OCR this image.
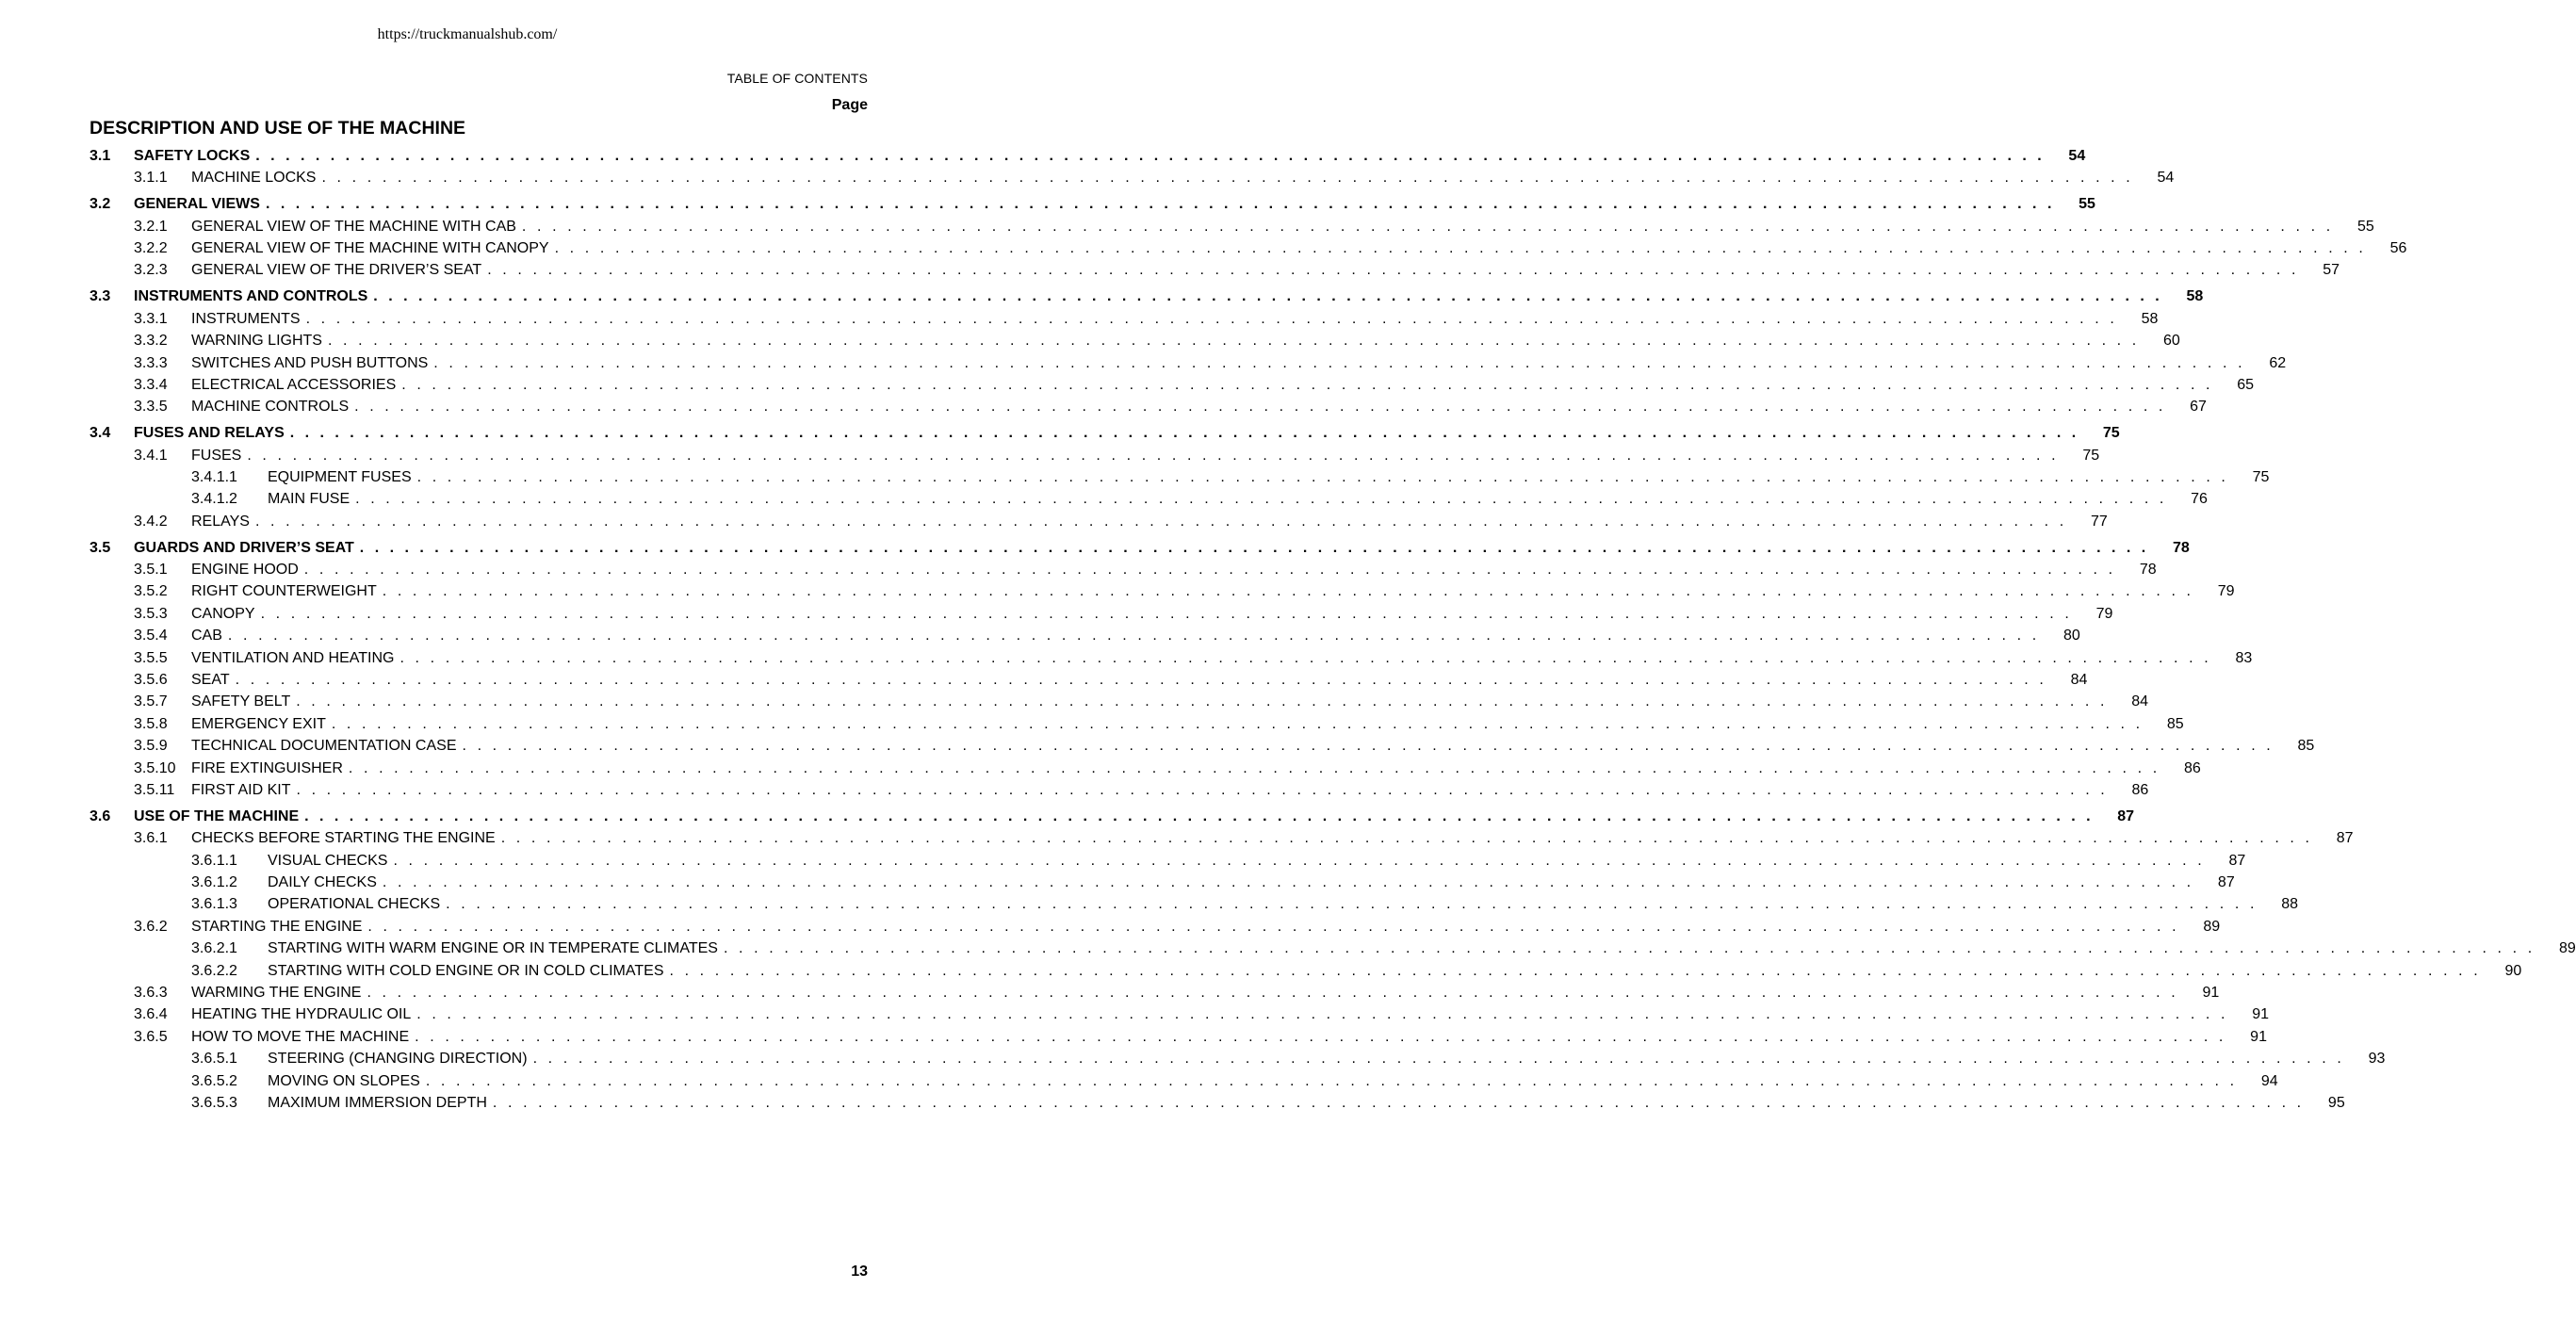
https://truckmanualshub.com/
TABLE OF CONTENTS
Page
DESCRIPTION AND USE OF THE MACHINE
3.1	SAFETY LOCKS . . . . . . . . . . . . . . . . . . . . . . . . . . . . . . . . . . . . . . . . . . . . . . . . . . . . . . . . . . . . . . . . . . . . . . . . . . . . . . . . . . . . . . . . . . . . . . . . . . . . . . . . . . . . . . . . . . . . . . . . 54
3.1.1	MACHINE LOCKS . . . . . . . . . . . . . . . . . . . . . . . . . . . . . . . . . . . . . . . . . . . . . . . . . . . . . . . . . . . . . . . . . . . . . . . . . . . . . . . . . . . . . . . . . . . . . . . . . . . . . . . . . . . . . . . . . . . . . . . . 54
3.2	GENERAL VIEWS . . . . . . . . . . . . . . . . . . . . . . . . . . . . . . . . . . . . . . . . . . . . . . . . . . . . . . . . . . . . . . . . . . . . . . . . . . . . . . . . . . . . . . . . . . . . . . . . . . . . . . . . . . . . . . . . . . . . . . . . 55
3.2.1	GENERAL VIEW OF THE MACHINE WITH CAB . . . . . . . . . . . . . . . . . . . . . . . . . . . . . . . . . . . . . . . . . . . . . . . . . . . . . . . . . . . . . . . . . . . . . . . . . . . . . . . . . . . . . . . . . . . . . . . . . . . . . . . . . . . . . . . . . . . . . . . . 55
3.2.2	GENERAL VIEW OF THE MACHINE WITH CANOPY . . . . . . . . . . . . . . . . . . . . . . . . . . . . . . . . . . . . . . . . . . . . . . . . . . . . . . . . . . . . . . . . . . . . . . . . . . . . . . . . . . . . . . . . . . . . . . . . . . . . . . . . . . . . . . . . . . . . . . . . 56
3.2.3	GENERAL VIEW OF THE DRIVER’S SEAT . . . . . . . . . . . . . . . . . . . . . . . . . . . . . . . . . . . . . . . . . . . . . . . . . . . . . . . . . . . . . . . . . . . . . . . . . . . . . . . . . . . . . . . . . . . . . . . . . . . . . . . . . . . . . . . . . . . . . . . . 57
3.3	INSTRUMENTS AND CONTROLS . . . . . . . . . . . . . . . . . . . . . . . . . . . . . . . . . . . . . . . . . . . . . . . . . . . . . . . . . . . . . . . . . . . . . . . . . . . . . . . . . . . . . . . . . . . . . . . . . . . . . . . . . . . . . . . . . . . . . . . . 58
3.3.1	INSTRUMENTS . . . . . . . . . . . . . . . . . . . . . . . . . . . . . . . . . . . . . . . . . . . . . . . . . . . . . . . . . . . . . . . . . . . . . . . . . . . . . . . . . . . . . . . . . . . . . . . . . . . . . . . . . . . . . . . . . . . . . . . . 58
3.3.2	WARNING LIGHTS . . . . . . . . . . . . . . . . . . . . . . . . . . . . . . . . . . . . . . . . . . . . . . . . . . . . . . . . . . . . . . . . . . . . . . . . . . . . . . . . . . . . . . . . . . . . . . . . . . . . . . . . . . . . . . . . . . . . . . . . 60
3.3.3	SWITCHES AND PUSH BUTTONS . . . . . . . . . . . . . . . . . . . . . . . . . . . . . . . . . . . . . . . . . . . . . . . . . . . . . . . . . . . . . . . . . . . . . . . . . . . . . . . . . . . . . . . . . . . . . . . . . . . . . . . . . . . . . . . . . . . . . . . . 62
3.3.4	ELECTRICAL ACCESSORIES . . . . . . . . . . . . . . . . . . . . . . . . . . . . . . . . . . . . . . . . . . . . . . . . . . . . . . . . . . . . . . . . . . . . . . . . . . . . . . . . . . . . . . . . . . . . . . . . . . . . . . . . . . . . . . . . . . . . . . . . 65
3.3.5	MACHINE CONTROLS . . . . . . . . . . . . . . . . . . . . . . . . . . . . . . . . . . . . . . . . . . . . . . . . . . . . . . . . . . . . . . . . . . . . . . . . . . . . . . . . . . . . . . . . . . . . . . . . . . . . . . . . . . . . . . . . . . . . . . . . 67
3.4	FUSES AND RELAYS . . . . . . . . . . . . . . . . . . . . . . . . . . . . . . . . . . . . . . . . . . . . . . . . . . . . . . . . . . . . . . . . . . . . . . . . . . . . . . . . . . . . . . . . . . . . . . . . . . . . . . . . . . . . . . . . . . . . . . . . 75
3.4.1	FUSES . . . . . . . . . . . . . . . . . . . . . . . . . . . . . . . . . . . . . . . . . . . . . . . . . . . . . . . . . . . . . . . . . . . . . . . . . . . . . . . . . . . . . . . . . . . . . . . . . . . . . . . . . . . . . . . . . . . . . . . . 75
3.4.1.1	EQUIPMENT FUSES . . . . . . . . . . . . . . . . . . . . . . . . . . . . . . . . . . . . . . . . . . . . . . . . . . . . . . . . . . . . . . . . . . . . . . . . . . . . . . . . . . . . . . . . . . . . . . . . . . . . . . . . . . . . . . . . . . . . . . . . 75
3.4.1.2	MAIN FUSE . . . . . . . . . . . . . . . . . . . . . . . . . . . . . . . . . . . . . . . . . . . . . . . . . . . . . . . . . . . . . . . . . . . . . . . . . . . . . . . . . . . . . . . . . . . . . . . . . . . . . . . . . . . . . . . . . . . . . . . . 76
3.4.2	RELAYS . . . . . . . . . . . . . . . . . . . . . . . . . . . . . . . . . . . . . . . . . . . . . . . . . . . . . . . . . . . . . . . . . . . . . . . . . . . . . . . . . . . . . . . . . . . . . . . . . . . . . . . . . . . . . . . . . . . . . . . . 77
3.5	GUARDS AND DRIVER’S SEAT . . . . . . . . . . . . . . . . . . . . . . . . . . . . . . . . . . . . . . . . . . . . . . . . . . . . . . . . . . . . . . . . . . . . . . . . . . . . . . . . . . . . . . . . . . . . . . . . . . . . . . . . . . . . . . . . . . . . . . . . 78
3.5.1	ENGINE HOOD . . . . . . . . . . . . . . . . . . . . . . . . . . . . . . . . . . . . . . . . . . . . . . . . . . . . . . . . . . . . . . . . . . . . . . . . . . . . . . . . . . . . . . . . . . . . . . . . . . . . . . . . . . . . . . . . . . . . . . . . 78
3.5.2	RIGHT COUNTERWEIGHT . . . . . . . . . . . . . . . . . . . . . . . . . . . . . . . . . . . . . . . . . . . . . . . . . . . . . . . . . . . . . . . . . . . . . . . . . . . . . . . . . . . . . . . . . . . . . . . . . . . . . . . . . . . . . . . . . . . . . . . . 79
3.5.3	CANOPY . . . . . . . . . . . . . . . . . . . . . . . . . . . . . . . . . . . . . . . . . . . . . . . . . . . . . . . . . . . . . . . . . . . . . . . . . . . . . . . . . . . . . . . . . . . . . . . . . . . . . . . . . . . . . . . . . . . . . . . . 79
3.5.4	CAB . . . . . . . . . . . . . . . . . . . . . . . . . . . . . . . . . . . . . . . . . . . . . . . . . . . . . . . . . . . . . . . . . . . . . . . . . . . . . . . . . . . . . . . . . . . . . . . . . . . . . . . . . . . . . . . . . . . . . . . . 80
3.5.5	VENTILATION AND HEATING . . . . . . . . . . . . . . . . . . . . . . . . . . . . . . . . . . . . . . . . . . . . . . . . . . . . . . . . . . . . . . . . . . . . . . . . . . . . . . . . . . . . . . . . . . . . . . . . . . . . . . . . . . . . . . . . . . . . . . . . 83
3.5.6	SEAT . . . . . . . . . . . . . . . . . . . . . . . . . . . . . . . . . . . . . . . . . . . . . . . . . . . . . . . . . . . . . . . . . . . . . . . . . . . . . . . . . . . . . . . . . . . . . . . . . . . . . . . . . . . . . . . . . . . . . . . . 84
3.5.7	SAFETY BELT . . . . . . . . . . . . . . . . . . . . . . . . . . . . . . . . . . . . . . . . . . . . . . . . . . . . . . . . . . . . . . . . . . . . . . . . . . . . . . . . . . . . . . . . . . . . . . . . . . . . . . . . . . . . . . . . . . . . . . . . 84
3.5.8	EMERGENCY EXIT . . . . . . . . . . . . . . . . . . . . . . . . . . . . . . . . . . . . . . . . . . . . . . . . . . . . . . . . . . . . . . . . . . . . . . . . . . . . . . . . . . . . . . . . . . . . . . . . . . . . . . . . . . . . . . . . . . . . . . . . 85
3.5.9	TECHNICAL DOCUMENTATION CASE . . . . . . . . . . . . . . . . . . . . . . . . . . . . . . . . . . . . . . . . . . . . . . . . . . . . . . . . . . . . . . . . . . . . . . . . . . . . . . . . . . . . . . . . . . . . . . . . . . . . . . . . . . . . . . . . . . . . . . . . 85
3.5.10	FIRE EXTINGUISHER . . . . . . . . . . . . . . . . . . . . . . . . . . . . . . . . . . . . . . . . . . . . . . . . . . . . . . . . . . . . . . . . . . . . . . . . . . . . . . . . . . . . . . . . . . . . . . . . . . . . . . . . . . . . . . . . . . . . . . . . 86
3.5.11	FIRST AID KIT . . . . . . . . . . . . . . . . . . . . . . . . . . . . . . . . . . . . . . . . . . . . . . . . . . . . . . . . . . . . . . . . . . . . . . . . . . . . . . . . . . . . . . . . . . . . . . . . . . . . . . . . . . . . . . . . . . . . . . . . 86
3.6	USE OF THE MACHINE . . . . . . . . . . . . . . . . . . . . . . . . . . . . . . . . . . . . . . . . . . . . . . . . . . . . . . . . . . . . . . . . . . . . . . . . . . . . . . . . . . . . . . . . . . . . . . . . . . . . . . . . . . . . . . . . . . . . . . . . 87
3.6.1	CHECKS BEFORE STARTING THE ENGINE . . . . . . . . . . . . . . . . . . . . . . . . . . . . . . . . . . . . . . . . . . . . . . . . . . . . . . . . . . . . . . . . . . . . . . . . . . . . . . . . . . . . . . . . . . . . . . . . . . . . . . . . . . . . . . . . . . . . . . . . 87
3.6.1.1	VISUAL CHECKS . . . . . . . . . . . . . . . . . . . . . . . . . . . . . . . . . . . . . . . . . . . . . . . . . . . . . . . . . . . . . . . . . . . . . . . . . . . . . . . . . . . . . . . . . . . . . . . . . . . . . . . . . . . . . . . . . . . . . . . . 87
3.6.1.2	DAILY CHECKS . . . . . . . . . . . . . . . . . . . . . . . . . . . . . . . . . . . . . . . . . . . . . . . . . . . . . . . . . . . . . . . . . . . . . . . . . . . . . . . . . . . . . . . . . . . . . . . . . . . . . . . . . . . . . . . . . . . . . . . . 87
3.6.1.3	OPERATIONAL CHECKS . . . . . . . . . . . . . . . . . . . . . . . . . . . . . . . . . . . . . . . . . . . . . . . . . . . . . . . . . . . . . . . . . . . . . . . . . . . . . . . . . . . . . . . . . . . . . . . . . . . . . . . . . . . . . . . . . . . . . . . . 88
3.6.2	STARTING THE ENGINE . . . . . . . . . . . . . . . . . . . . . . . . . . . . . . . . . . . . . . . . . . . . . . . . . . . . . . . . . . . . . . . . . . . . . . . . . . . . . . . . . . . . . . . . . . . . . . . . . . . . . . . . . . . . . . . . . . . . . . . . 89
3.6.2.1	STARTING WITH WARM ENGINE OR IN TEMPERATE CLIMATES . . . . . . . . . . . . . . . . . . . . . . . . . . . . . . . . . . . . . . . . . . . . . . . . . . . . . . . . . . . . . . . . . . . . . . . . . . . . . . . . . . . . . . . . . . . . . . . . . . . . . . . . . . . . . . . . . . . . . . . . 89
3.6.2.2	STARTING WITH COLD ENGINE OR IN COLD CLIMATES . . . . . . . . . . . . . . . . . . . . . . . . . . . . . . . . . . . . . . . . . . . . . . . . . . . . . . . . . . . . . . . . . . . . . . . . . . . . . . . . . . . . . . . . . . . . . . . . . . . . . . . . . . . . . . . . . . . . . . . . 90
3.6.3	WARMING THE ENGINE . . . . . . . . . . . . . . . . . . . . . . . . . . . . . . . . . . . . . . . . . . . . . . . . . . . . . . . . . . . . . . . . . . . . . . . . . . . . . . . . . . . . . . . . . . . . . . . . . . . . . . . . . . . . . . . . . . . . . . . . 91
3.6.4	HEATING THE HYDRAULIC OIL . . . . . . . . . . . . . . . . . . . . . . . . . . . . . . . . . . . . . . . . . . . . . . . . . . . . . . . . . . . . . . . . . . . . . . . . . . . . . . . . . . . . . . . . . . . . . . . . . . . . . . . . . . . . . . . . . . . . . . . . 91
3.6.5	HOW TO MOVE THE MACHINE . . . . . . . . . . . . . . . . . . . . . . . . . . . . . . . . . . . . . . . . . . . . . . . . . . . . . . . . . . . . . . . . . . . . . . . . . . . . . . . . . . . . . . . . . . . . . . . . . . . . . . . . . . . . . . . . . . . . . . . . 91
3.6.5.1	STEERING (CHANGING DIRECTION) . . . . . . . . . . . . . . . . . . . . . . . . . . . . . . . . . . . . . . . . . . . . . . . . . . . . . . . . . . . . . . . . . . . . . . . . . . . . . . . . . . . . . . . . . . . . . . . . . . . . . . . . . . . . . . . . . . . . . . . . 93
3.6.5.2	MOVING ON SLOPES . . . . . . . . . . . . . . . . . . . . . . . . . . . . . . . . . . . . . . . . . . . . . . . . . . . . . . . . . . . . . . . . . . . . . . . . . . . . . . . . . . . . . . . . . . . . . . . . . . . . . . . . . . . . . . . . . . . . . . . . 94
3.6.5.3	MAXIMUM IMMERSION DEPTH . . . . . . . . . . . . . . . . . . . . . . . . . . . . . . . . . . . . . . . . . . . . . . . . . . . . . . . . . . . . . . . . . . . . . . . . . . . . . . . . . . . . . . . . . . . . . . . . . . . . . . . . . . . . . . . . . . . . . . . . 95
13
